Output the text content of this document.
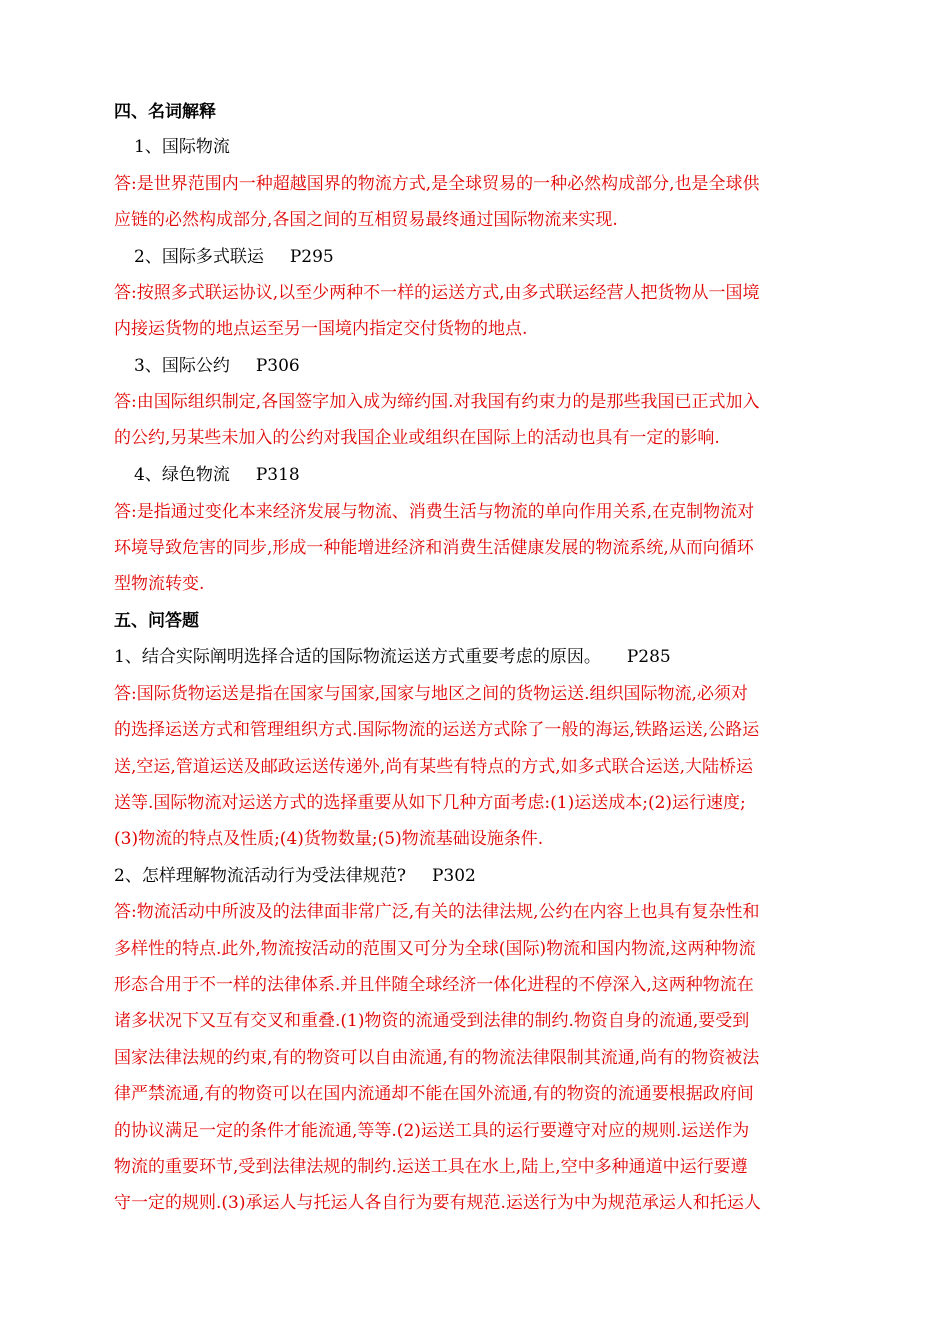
四、名词解释
1、国际物流
答:是世界范围内一种超越国界的物流方式,是全球贸易的一种必然构成部分,也是全球供
应链的必然构成部分,各国之间的互相贸易最终通过国际物流来实现.
2、国际多式联运 P295
答:按照多式联运协议,以至少两种不一样的运送方式,由多式联运经营人把货物从一国境
内接运货物的地点运至另一国境内指定交付货物的地点.
3、国际公约 P306
答:由国际组织制定,各国签字加入成为缔约国.对我国有约束力的是那些我国已正式加入
的公约,另某些未加入的公约对我国企业或组织在国际上的活动也具有一定的影响.
4、绿色物流 P318
答:是指通过变化本来经济发展与物流、消费生活与物流的单向作用关系,在克制物流对
环境导致危害的同步,形成一种能增进经济和消费生活健康发展的物流系统,从而向循环
型物流转变.
五、问答题
1、结合实际阐明选择合适的国际物流运送方式重要考虑的原因。 P285
答:国际货物运送是指在国家与国家,国家与地区之间的货物运送.组织国际物流,必须对
的选择运送方式和管理组织方式.国际物流的运送方式除了一般的海运,铁路运送,公路运
送,空运,管道运送及邮政运送传递外,尚有某些有特点的方式,如多式联合运送,大陆桥运
送等.国际物流对运送方式的选择重要从如下几种方面考虑:(1)运送成本;(2)运行速度;
(3)物流的特点及性质;(4)货物数量;(5)物流基础设施条件.
2、怎样理解物流活动行为受法律规范? P302
答:物流活动中所波及的法律面非常广泛,有关的法律法规,公约在内容上也具有复杂性和
多样性的特点.此外,物流按活动的范围又可分为全球(国际)物流和国内物流,这两种物流
形态合用于不一样的法律体系.并且伴随全球经济一体化进程的不停深入,这两种物流在
诸多状况下又互有交叉和重叠.(1)物资的流通受到法律的制约.物资自身的流通,要受到
国家法律法规的约束,有的物资可以自由流通,有的物流法律限制其流通,尚有的物资被法
律严禁流通,有的物资可以在国内流通却不能在国外流通,有的物资的流通要根据政府间
的协议满足一定的条件才能流通,等等.(2)运送工具的运行要遵守对应的规则.运送作为
物流的重要环节,受到法律法规的制约.运送工具在水上,陆上,空中多种通道中运行要遵
守一定的规则.(3)承运人与托运人各自行为要有规范.运送行为中为规范承运人和托运人
